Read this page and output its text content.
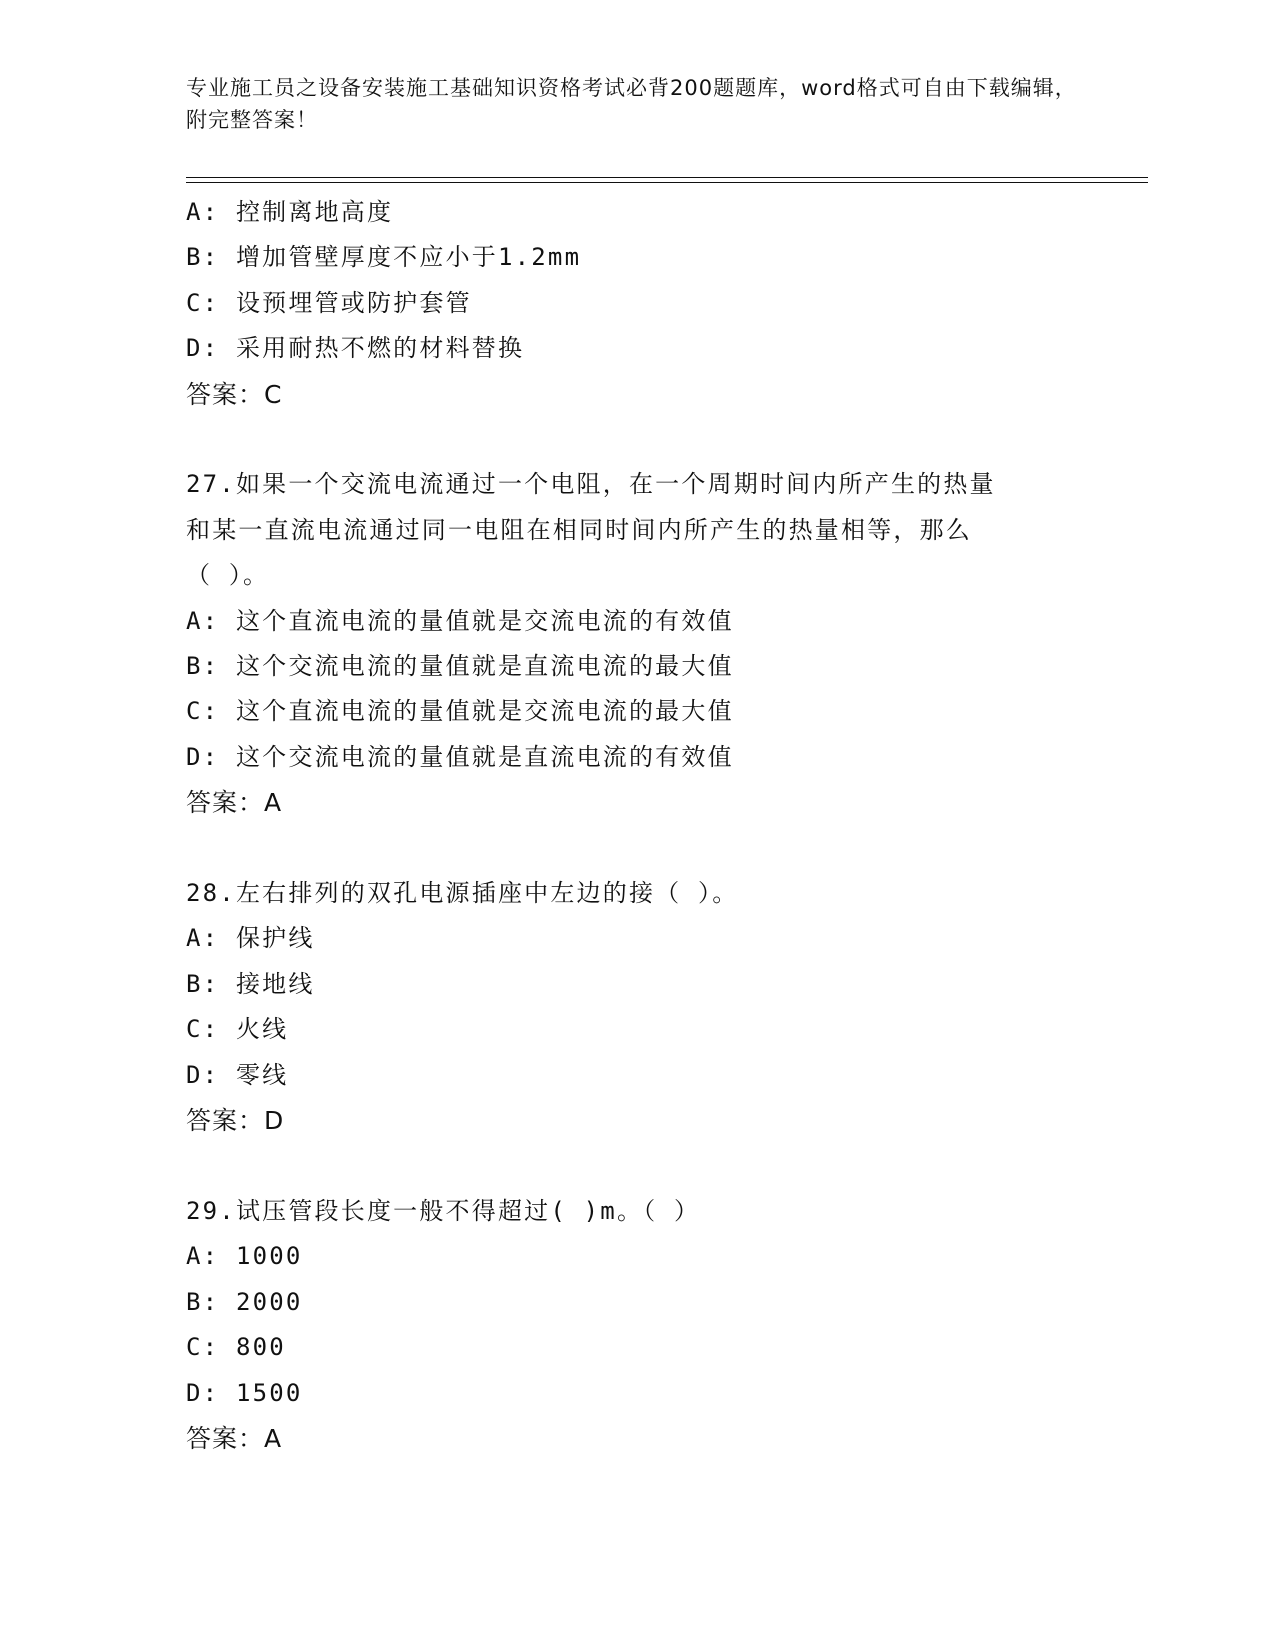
专业施工员之设备安装施工基础知识资格考试必背200题题库，word格式可自由下载编辑，附完整答案！
A: 控制离地高度
B: 增加管壁厚度不应小于1.2mm
C: 设预埋管或防护套管
D: 采用耐热不燃的材料替换
答案：C
27.如果一个交流电流通过一个电阻，在一个周期时间内所产生的热量
和某一直流电流通过同一电阻在相同时间内所产生的热量相等，那么
（ ）。
A: 这个直流电流的量值就是交流电流的有效值
B: 这个交流电流的量值就是直流电流的最大值
C: 这个直流电流的量值就是交流电流的最大值
D: 这个交流电流的量值就是直流电流的有效值
答案：A
28.左右排列的双孔电源插座中左边的接（ ）。
A: 保护线
B: 接地线
C: 火线
D: 零线
答案：D
29.试压管段长度一般不得超过( )m。（ ）
A: 1000
B: 2000
C: 800
D: 1500
答案：A
